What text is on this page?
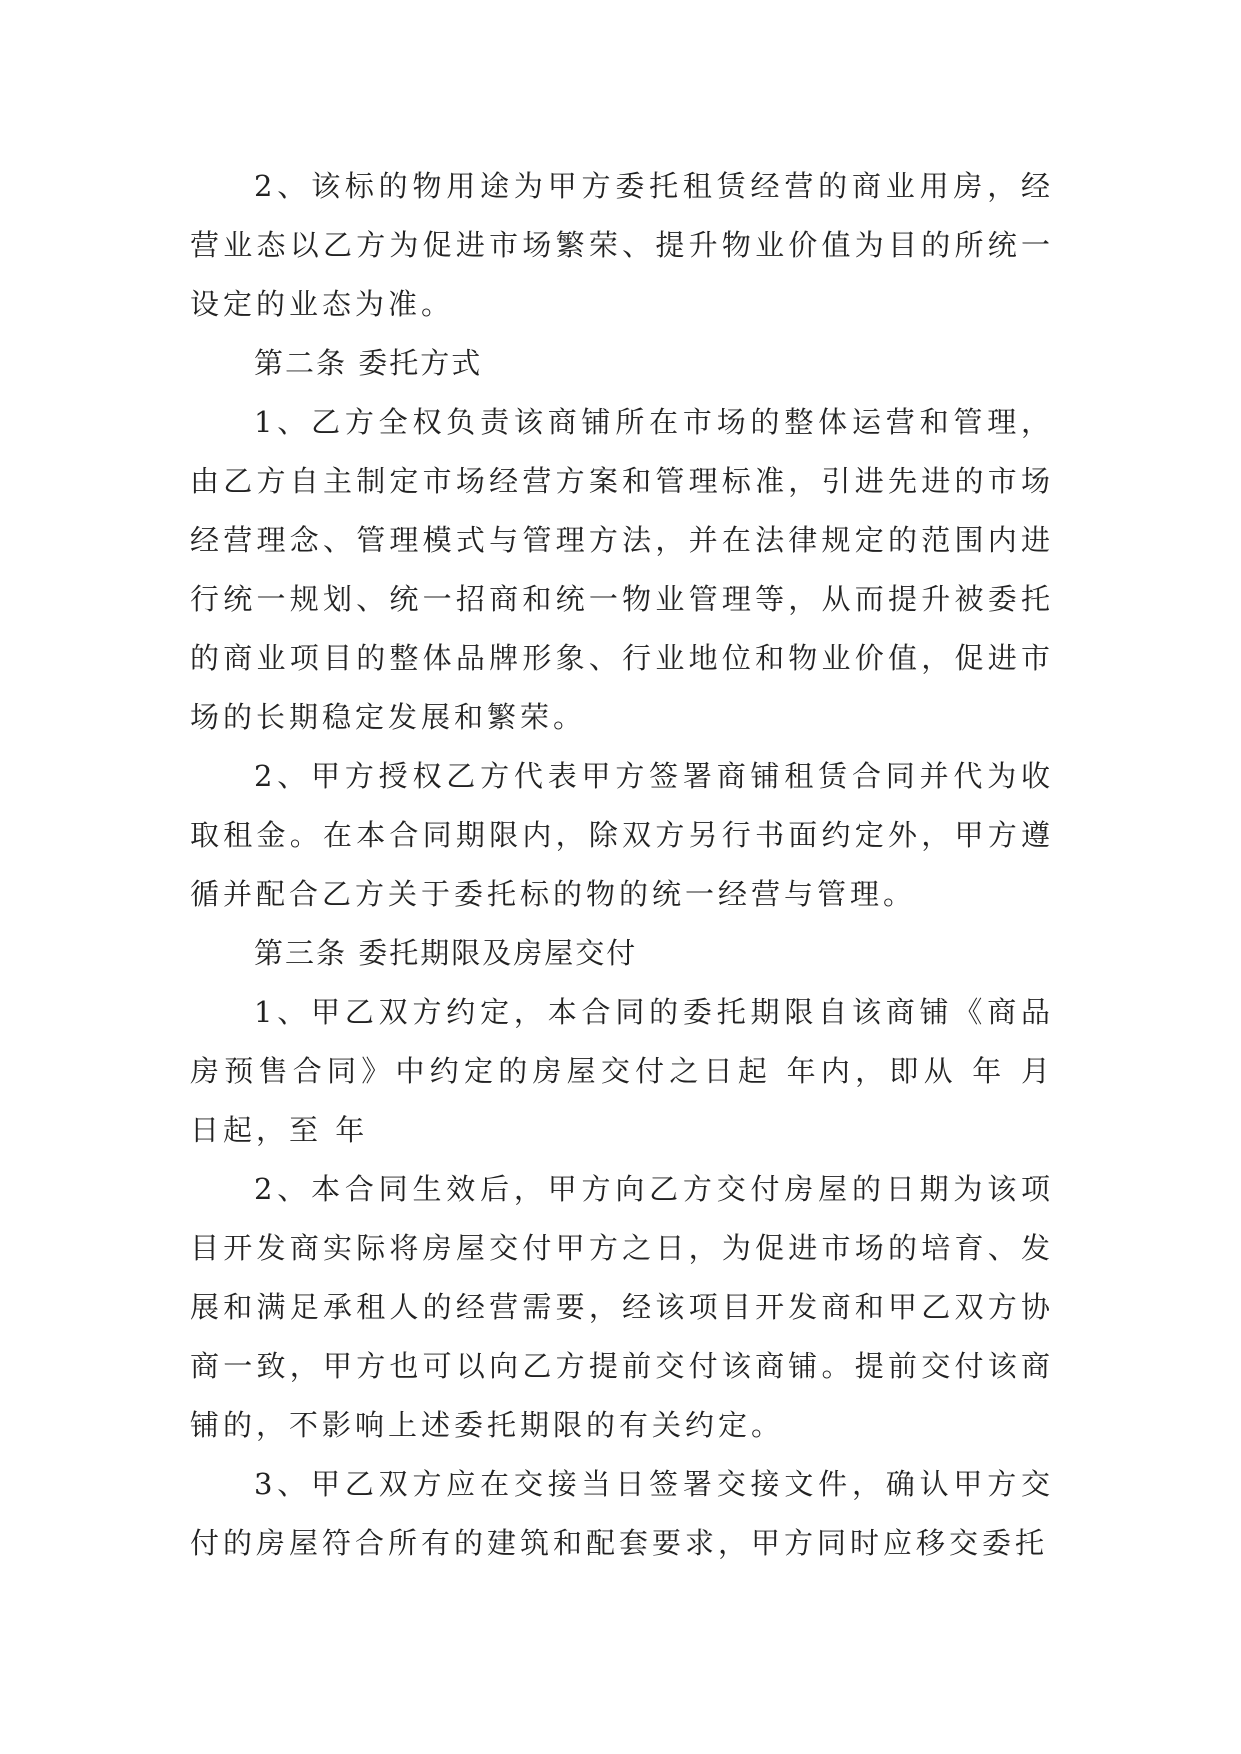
2、该标的物用途为甲方委托租赁经营的商业用房，经营业态以乙方为促进市场繁荣、提升物业价值为目的所统一设定的业态为准。

第二条 委托方式

1、乙方全权负责该商铺所在市场的整体运营和管理，由乙方自主制定市场经营方案和管理标准，引进先进的市场经营理念、管理模式与管理方法，并在法律规定的范围内进行统一规划、统一招商和统一物业管理等，从而提升被委托的商业项目的整体品牌形象、行业地位和物业价值，促进市场的长期稳定发展和繁荣。

2、甲方授权乙方代表甲方签署商铺租赁合同并代为收取租金。在本合同期限内，除双方另行书面约定外，甲方遵循并配合乙方关于委托标的物的统一经营与管理。

第三条 委托期限及房屋交付

1、甲乙双方约定，本合同的委托期限自该商铺《商品房预售合同》中约定的房屋交付之日起 年内，即从 年 月日起，至 年

2、本合同生效后，甲方向乙方交付房屋的日期为该项目开发商实际将房屋交付甲方之日，为促进市场的培育、发展和满足承租人的经营需要，经该项目开发商和甲乙双方协商一致，甲方也可以向乙方提前交付该商铺。提前交付该商铺的，不影响上述委托期限的有关约定。

3、甲乙双方应在交接当日签署交接文件，确认甲方交付的房屋符合所有的建筑和配套要求，甲方同时应移交委托
